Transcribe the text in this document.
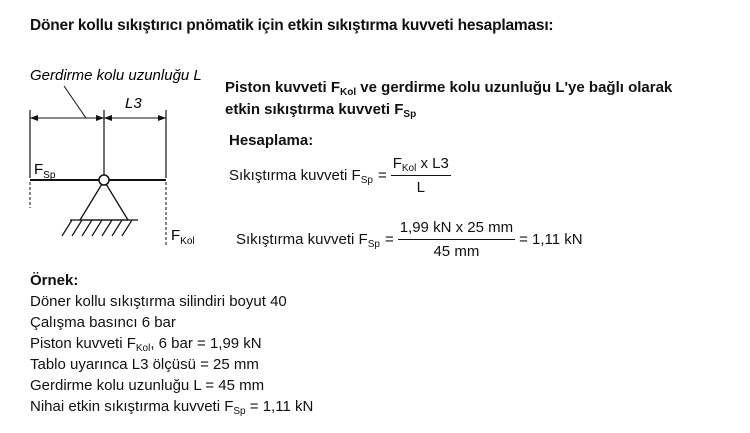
Döner kollu sıkıştırıcı pnömatik için etkin sıkıştırma kuvveti hesaplaması:
Gerdirme kolu uzunluğu L
L3
$F_{Sp}$
$F_{Kol}$
Piston kuvveti $F_{Kol}$ ve gerdirme kolu uzunluğu L'ye bağlı olarak
etkin sıkıştırma kuvveti $F_{Sp}$
Hesaplama:
Sıkıştırma kuvveti $F_{Sp} = \frac{F_{Kol} x L3}{L}$
Sıkıştırma kuvveti $F_{Sp} = \frac{\text{1,99 kN x 25 mm}}{45 mm} = 1,11$ kN
Örnek:
Döner kollu sıkıştırma silindiri boyut 40
Çalışma basıncı 6 bar
Piston kuvveti $F_{Kol}$, 6 bar = 1,99 kN
Tablo uyarınca L3 ölçüsü = 25 mm
Gerdirme kolu uzunluğu L = 45 mm
Nihai etkin sıkıştırma kuvveti $F_{Sp} = 1,11$ kN
